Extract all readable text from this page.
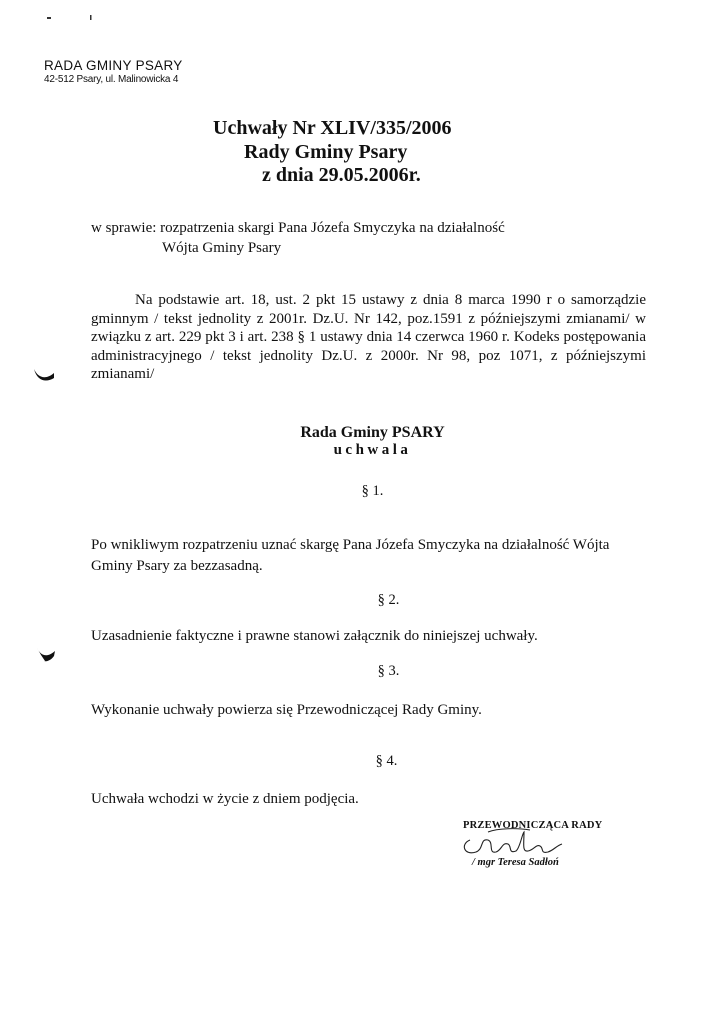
RADA GMINY PSARY
42-512 Psary, ul. Malinowicka 4
Uchwały Nr XLIV/335/2006
Rady Gminy Psary
z dnia 29.05.2006r.
w sprawie: rozpatrzenia skargi Pana Józefa Smyczyka na działalność
Wójta Gminy Psary

Na podstawie art. 18, ust. 2 pkt 15 ustawy z dnia 8 marca 1990 r o samorządzie gminnym / tekst jednolity z 2001r. Dz.U. Nr 142, poz.1591 z późniejszymi zmianami/ w związku z art. 229 pkt 3 i art. 238 § 1 ustawy dnia 14 czerwca 1960 r. Kodeks postępowania administracyjnego / tekst jednolity Dz.U. z 2000r. Nr 98, poz 1071, z późniejszymi zmianami/

Rada Gminy PSARY
uchwala
§ 1.
Po wnikliwym rozpatrzeniu uznać skargę Pana Józefa Smyczyka na działalność Wójta Gminy Psary za bezzasadną.
§ 2.
Uzasadnienie faktyczne i prawne stanowi załącznik do niniejszej uchwały.
§ 3.
Wykonanie uchwały powierza się Przewodniczącej Rady Gminy.
§ 4.
Uchwała wchodzi w życie z dniem podjęcia.
PRZEWODNICZĄCA RADY
/ mgr Teresa Sadłoń
